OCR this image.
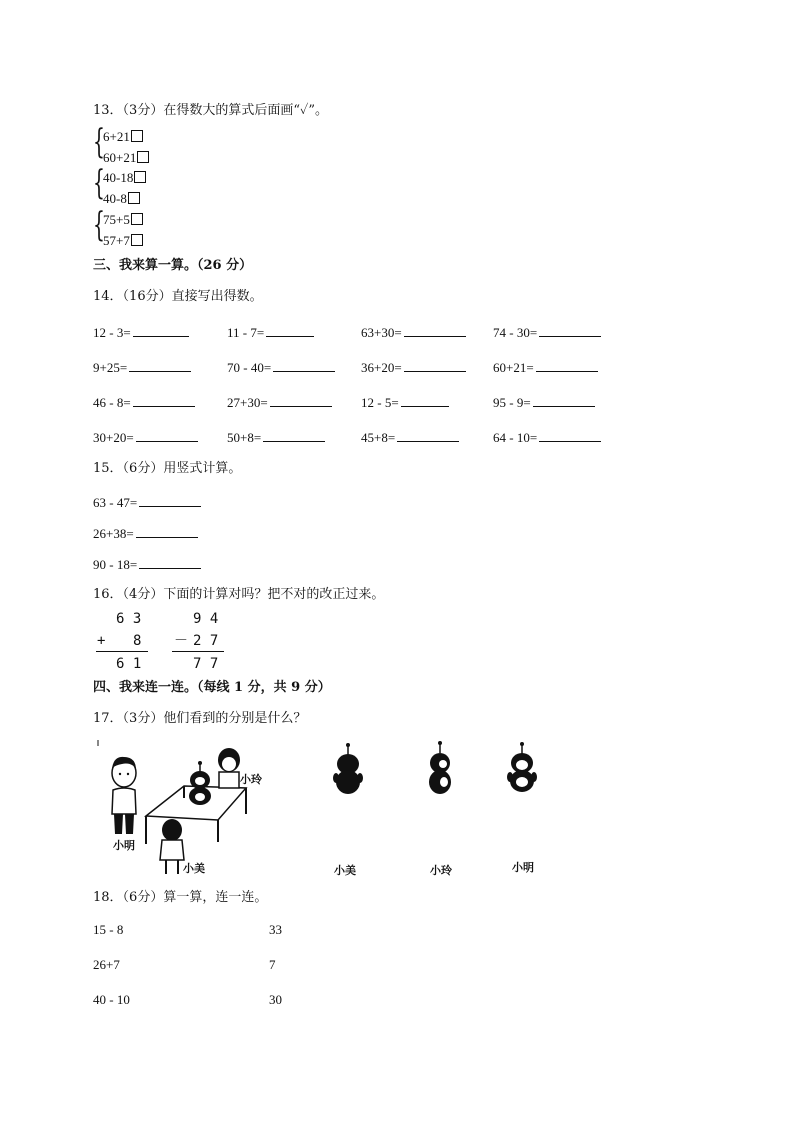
13．（3分）在得数大的算式后面画“✓”。
{
6+21
60+21
{
40-18
40-8
{
75+5
57+7
三、我来算一算。（26 分）
14．（16分）直接写出得数。
12 - 3=	11 - 7=	63+30=	74 - 30=
9+25=	70 - 40=	36+20=	60+21=
46 - 8=	27+30=	12 - 5=	95 - 9=
30+20=	50+8=	45+8=	64 - 10=
15．（6分）用竖式计算。
63 - 47=
26+38=
90 - 18=
16．（4分）下面的计算对吗？把不对的改正过来。
6 3
+ 8
6 1
9 4
－ 2 7
7 7
四、我来连一连。（每线 1 分，共 9 分）
17．（3分）他们看到的分别是什么？
小明
小玲
小美	小美	小玲	小明
18．（6分）算一算，连一连。
15 - 8
26+7
40 - 10
33
7
30
